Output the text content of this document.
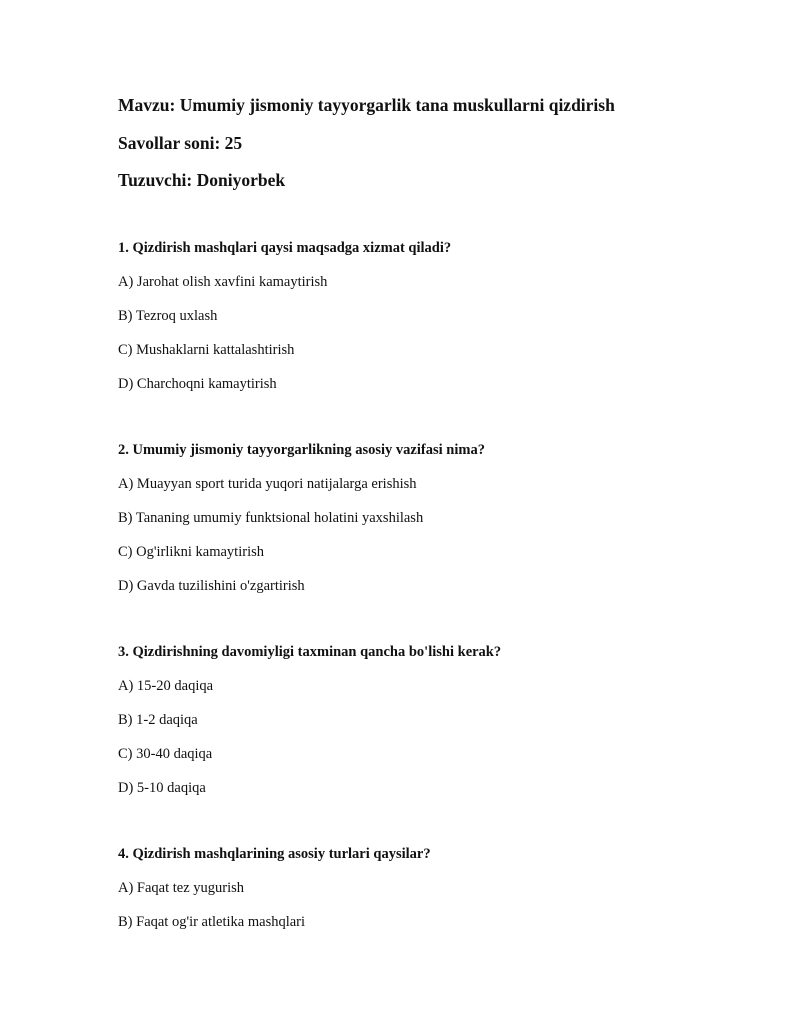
Mavzu: Umumiy jismoniy tayyorgarlik tana muskullarni qizdirish
Savollar soni: 25
Tuzuvchi: Doniyorbek
1. Qizdirish mashqlari qaysi maqsadga xizmat qiladi?
A) Jarohat olish xavfini kamaytirish
B) Tezroq uxlash
C) Mushaklarni kattalashtirish
D) Charchoqni kamaytirish
2. Umumiy jismoniy tayyorgarlikning asosiy vazifasi nima?
A) Muayyan sport turida yuqori natijalarga erishish
B) Tananing umumiy funktsional holatini yaxshilash
C) Og'irlikni kamaytirish
D) Gavda tuzilishini o'zgartirish
3. Qizdirishning davomiyligi taxminan qancha bo'lishi kerak?
A) 15-20 daqiqa
B) 1-2 daqiqa
C) 30-40 daqiqa
D) 5-10 daqiqa
4. Qizdirish mashqlarining asosiy turlari qaysilar?
A) Faqat tez yugurish
B) Faqat og'ir atletika mashqlari
